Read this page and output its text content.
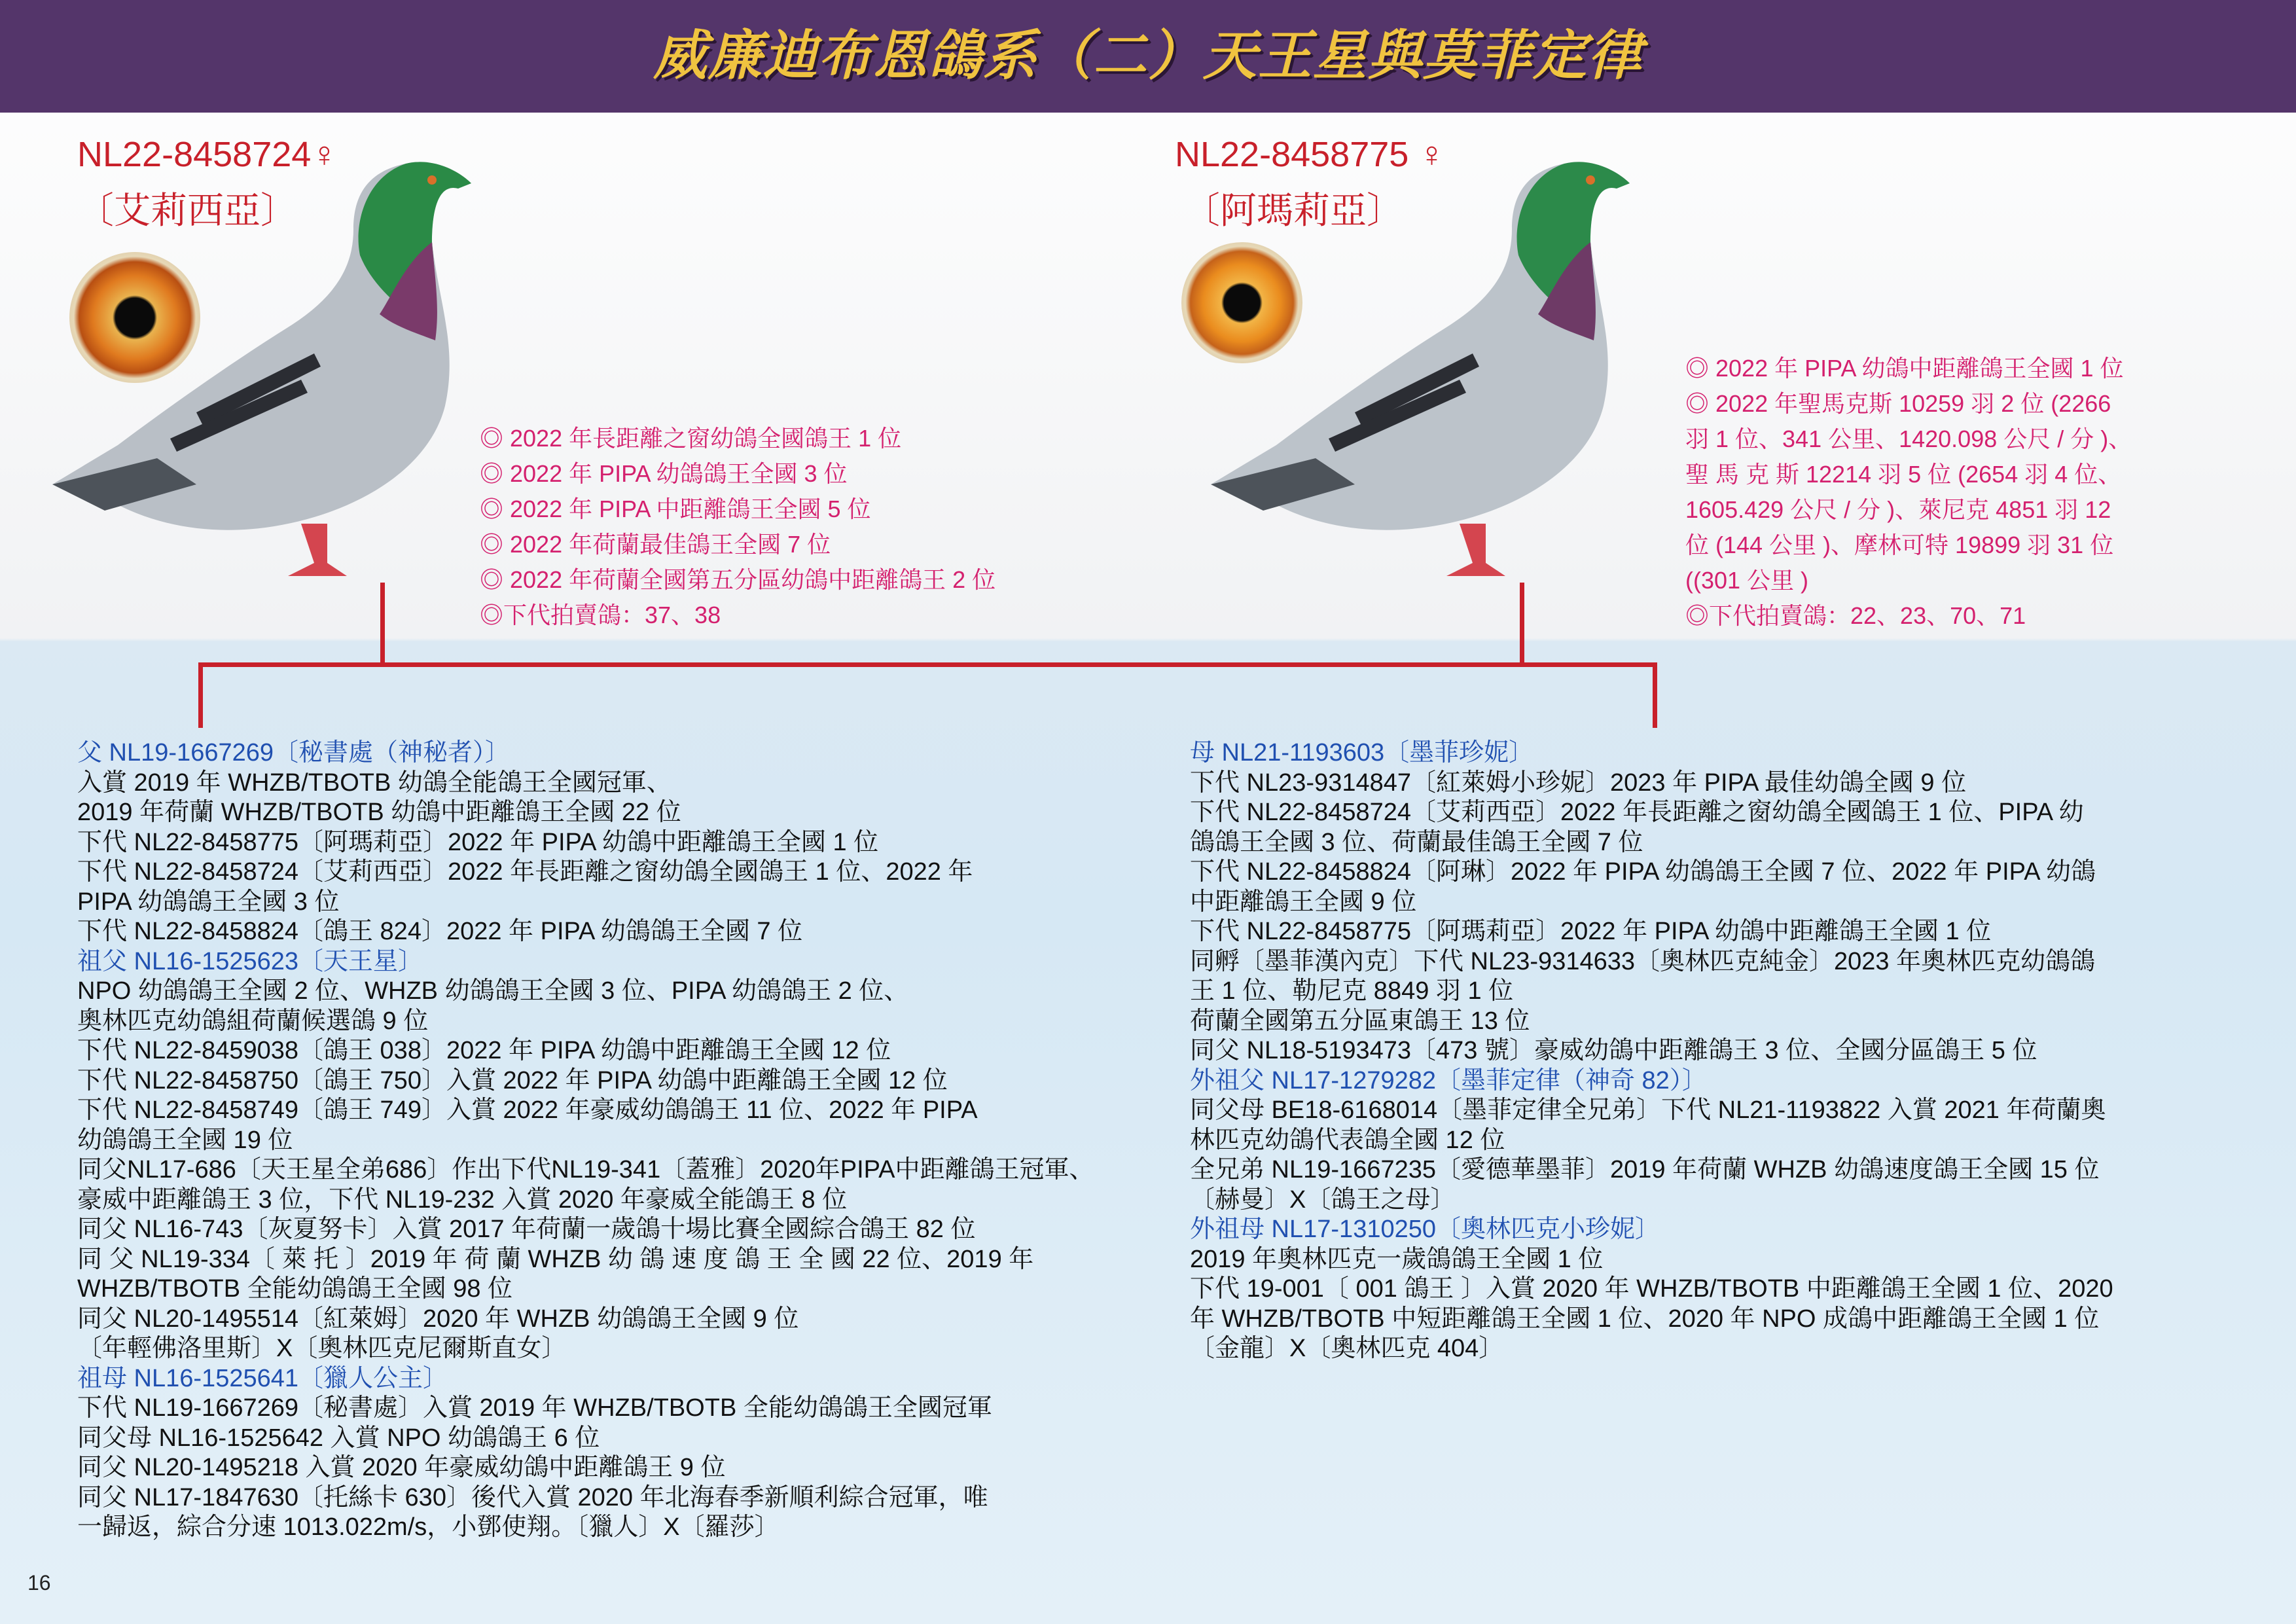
威廉迪布恩鴿系（二）天王星與莫菲定律
NL22-8458724♀
〔艾莉西亞〕
◎ 2022 年長距離之窗幼鴿全國鴿王 1 位
◎ 2022 年 PIPA 幼鴿鴿王全國 3 位
◎ 2022 年 PIPA 中距離鴿王全國 5 位
◎ 2022 年荷蘭最佳鴿王全國 7 位
◎ 2022 年荷蘭全國第五分區幼鴿中距離鴿王 2 位
◎下代拍賣鴿：37、38
NL22-8458775 ♀
〔阿瑪莉亞〕
◎ 2022 年 PIPA 幼鴿中距離鴿王全國 1 位
◎ 2022 年聖馬克斯 10259 羽 2 位 (2266
羽 1 位、341 公里、1420.098 公尺 / 分 )、
聖 馬 克 斯 12214 羽 5 位 (2654 羽 4 位、
1605.429 公尺 / 分 )、萊尼克 4851 羽 12
位 (144 公里 )、摩林可特 19899 羽 31 位
((301 公里 )
◎下代拍賣鴿：22、23、70、71
父 NL19-1667269〔秘書處（神秘者）〕
入賞 2019 年 WHZB/TBOTB 幼鴿全能鴿王全國冠軍、
2019 年荷蘭 WHZB/TBOTB 幼鴿中距離鴿王全國 22 位
下代 NL22-8458775〔阿瑪莉亞〕2022 年 PIPA 幼鴿中距離鴿王全國 1 位
下代 NL22-8458724〔艾莉西亞〕2022 年長距離之窗幼鴿全國鴿王 1 位、2022 年
PIPA 幼鴿鴿王全國 3 位
下代 NL22-8458824〔鴿王 824〕2022 年 PIPA 幼鴿鴿王全國 7 位
祖父 NL16-1525623〔天王星〕
NPO 幼鴿鴿王全國 2 位、WHZB 幼鴿鴿王全國 3 位、PIPA 幼鴿鴿王 2 位、
奧林匹克幼鴿組荷蘭候選鴿 9 位
下代 NL22-8459038〔鴿王 038〕2022 年 PIPA 幼鴿中距離鴿王全國 12 位
下代 NL22-8458750〔鴿王 750〕入賞 2022 年 PIPA 幼鴿中距離鴿王全國 12 位
下代 NL22-8458749〔鴿王 749〕入賞 2022 年豪威幼鴿鴿王 11 位、2022 年 PIPA
幼鴿鴿王全國 19 位
同父NL17-686〔天王星全弟686〕作出下代NL19-341〔蓋雅〕2020年PIPA中距離鴿王冠軍、
豪威中距離鴿王 3 位，下代 NL19-232 入賞 2020 年豪威全能鴿王 8 位
同父 NL16-743〔灰夏努卡〕入賞 2017 年荷蘭一歲鴿十場比賽全國綜合鴿王 82 位
同 父 NL19-334〔 萊 托 〕2019 年 荷 蘭 WHZB 幼 鴿 速 度 鴿 王 全 國 22 位、2019 年
WHZB/TBOTB 全能幼鴿鴿王全國 98 位
同父 NL20-1495514〔紅萊姆〕2020 年 WHZB 幼鴿鴿王全國 9 位
〔年輕佛洛里斯〕X〔奧林匹克尼爾斯直女〕
祖母 NL16-1525641〔獵人公主〕
下代 NL19-1667269〔秘書處〕入賞 2019 年 WHZB/TBOTB 全能幼鴿鴿王全國冠軍
同父母 NL16-1525642 入賞 NPO 幼鴿鴿王 6 位
同父 NL20-1495218 入賞 2020 年豪威幼鴿中距離鴿王 9 位
同父 NL17-1847630〔托絲卡 630〕後代入賞 2020 年北海春季新順利綜合冠軍，唯
一歸返，綜合分速 1013.022m/s，小鄧使翔。〔獵人〕X〔羅莎〕
母 NL21-1193603〔墨菲珍妮〕
下代 NL23-9314847〔紅萊姆小珍妮〕2023 年 PIPA 最佳幼鴿全國 9 位
下代 NL22-8458724〔艾莉西亞〕2022 年長距離之窗幼鴿全國鴿王 1 位、PIPA 幼
鴿鴿王全國 3 位、荷蘭最佳鴿王全國 7 位
下代 NL22-8458824〔阿琳〕2022 年 PIPA 幼鴿鴿王全國 7 位、2022 年 PIPA 幼鴿
中距離鴿王全國 9 位
下代 NL22-8458775〔阿瑪莉亞〕2022 年 PIPA 幼鴿中距離鴿王全國 1 位
同孵〔墨菲漢內克〕下代 NL23-9314633〔奧林匹克純金〕2023 年奧林匹克幼鴿鴿
王 1 位、勒尼克 8849 羽 1 位
荷蘭全國第五分區東鴿王 13 位
同父 NL18-5193473〔473 號〕豪威幼鴿中距離鴿王 3 位、全國分區鴿王 5 位
外祖父 NL17-1279282〔墨菲定律（神奇 82）〕
同父母 BE18-6168014〔墨菲定律全兄弟〕下代 NL21-1193822 入賞 2021 年荷蘭奧
林匹克幼鴿代表鴿全國 12 位
全兄弟 NL19-1667235〔愛德華墨菲〕2019 年荷蘭 WHZB 幼鴿速度鴿王全國 15 位
〔赫曼〕X〔鴿王之母〕
外祖母 NL17-1310250〔奧林匹克小珍妮〕
2019 年奧林匹克一歲鴿鴿王全國 1 位
下代 19-001〔 001 鴿王 〕入賞 2020 年 WHZB/TBOTB 中距離鴿王全國 1 位、2020
年 WHZB/TBOTB 中短距離鴿王全國 1 位、2020 年 NPO 成鴿中距離鴿王全國 1 位
〔金龍〕X〔奧林匹克 404〕
16
